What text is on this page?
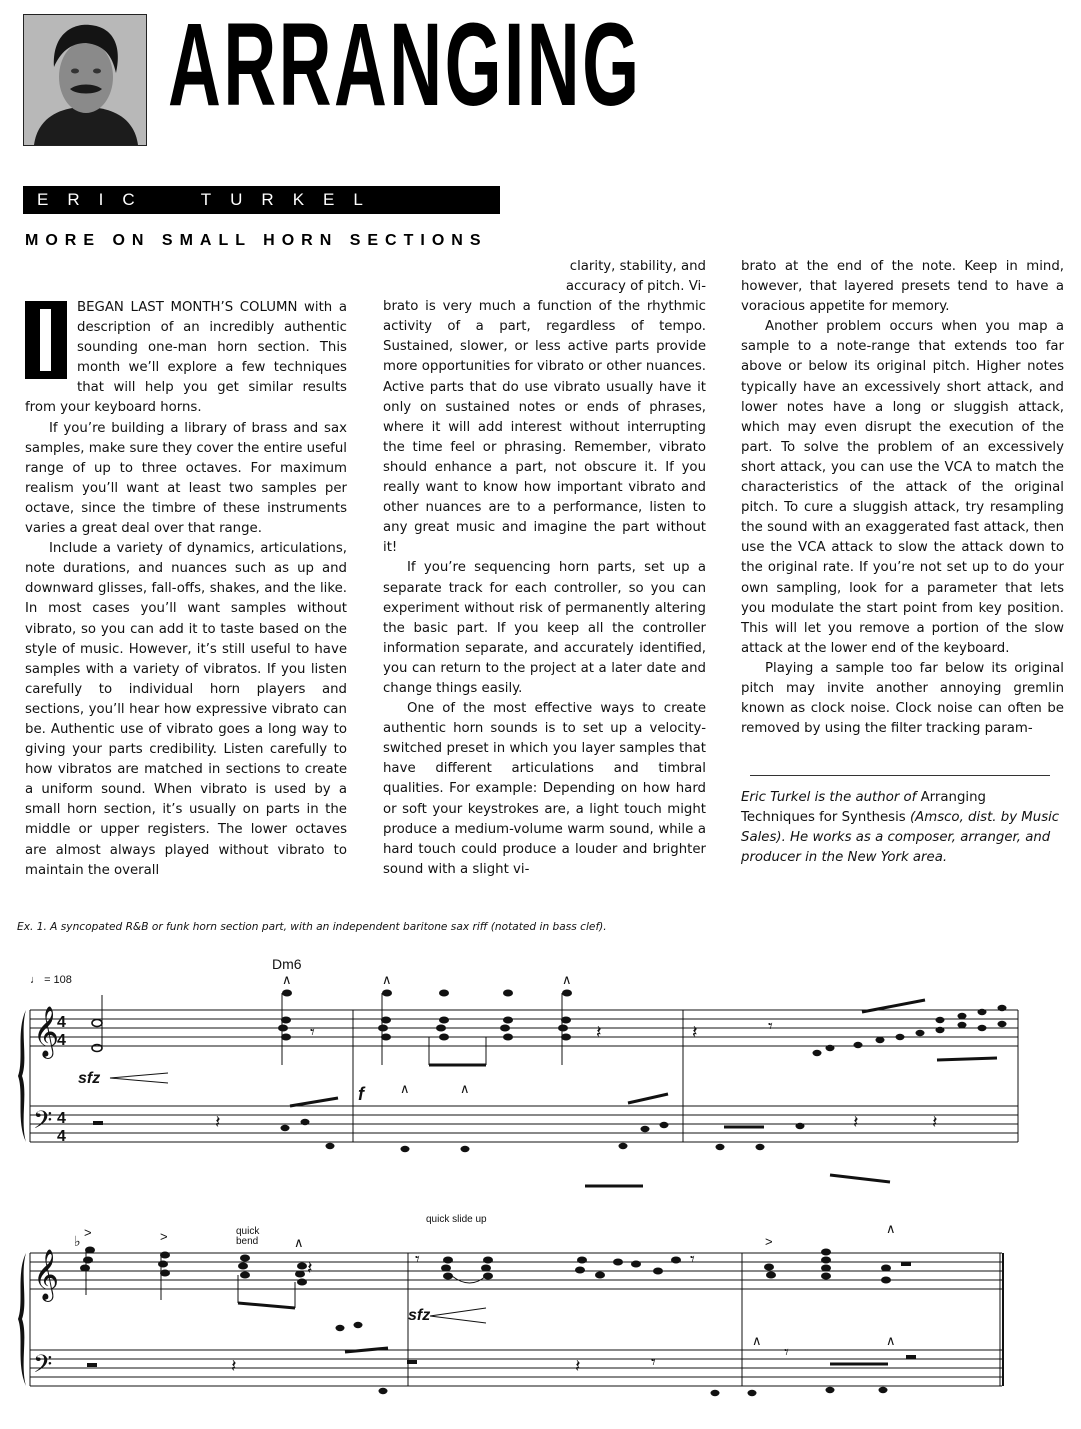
ARRANGING
ERIC  TURKEL
MORE ON SMALL HORN SECTIONS

BEGAN LAST MONTH’S COLUMN with a description of an incredibly authentic sounding one-man horn section. This month we’ll explore a few techniques that will help you get similar results from your keyboard horns.

If you’re building a library of brass and sax samples, make sure they cover the entire useful range of up to three octaves. For maximum realism you’ll want at least two samples per octave, since the timbre of these instruments varies a great deal over that range.

Include a variety of dynamics, articulations, note durations, and nuances such as up and downward glisses, fall-offs, shakes, and the like. In most cases you’ll want samples without vibrato, so you can add it to taste based on the style of music. However, it’s still useful to have samples with a variety of vibratos. If you listen carefully to individual horn players and sections, you’ll hear how expressive vibrato can be. Authentic use of vibrato goes a long way to giving your parts credibility. Listen carefully to how vibratos are matched in sections to create a uniform sound. When vibrato is used by a small horn section, it’s usually on parts in the middle or upper registers. The lower octaves are almost always played without vibrato to maintain the overall

clarity, stability, and

accuracy of pitch. Vi-

brato is very much a function of the rhythmic activity of a part, regardless of tempo. Sustained, slower, or less active parts provide more opportunities for vibrato or other nuances. Active parts that do use vibrato usually have it only on sustained notes or ends of phrases, where it will add interest without interrupting the time feel or phrasing. Remember, vibrato should enhance a part, not obscure it. If you really want to know how important vibrato and other nuances are to a performance, listen to any great music and imagine the part without it!

If you’re sequencing horn parts, set up a separate track for each controller, so you can experiment without risk of permanently altering the basic part. If you keep all the controller information separate, and accurately identified, you can return to the project at a later date and change things easily.

One of the most effective ways to create authentic horn sounds is to set up a velocity-switched preset in which you layer samples that have different articulations and timbral qualities. For example: Depending on how hard or soft your keystrokes are, a light touch might produce a medium-volume warm sound, while a hard touch could produce a louder and brighter sound with a slight vi-

brato at the end of the note. Keep in mind, however, that layered presets tend to have a voracious appetite for memory.

Another problem occurs when you map a sample to a note-range that extends too far above or below its original pitch. Higher notes typically have an excessively short attack, and lower notes have a long or sluggish attack, which may even disrupt the execution of the part. To solve the problem of an excessively short attack, you can use the VCA to match the characteristics of the attack of the original pitch. To cure a sluggish attack, try resampling the sound with an exaggerated fast attack, then use the VCA attack to slow the attack down to the original rate. If you’re not set up to do your own sampling, look for a parameter that lets you modulate the start point from key position. This will let you remove a portion of the slow attack at the lower end of the keyboard.

Playing a sample too far below its original pitch may invite another annoying gremlin known as clock noise. Clock noise can often be removed by using the filter tracking param-

Eric Turkel is the author of Arranging Techniques for Synthesis (Amsco, dist. by Music Sales). He works as a composer, arranger, and producer in the New York area.
Ex. 1. A syncopated R&B or funk horn section part, with an independent baritone sax riff (notated in bass clef).
𝄞
𝄢
𝄞
𝄢
4
4
4
4
♩ = 108
Dm6
sfz
f
quick
bend
quick slide up
sfz
𝄾	𝄽	𝄽	𝄾
𝄽	𝄽	𝄽
♭
𝄽	𝄾	𝄾
𝄽	𝄽	𝄾	𝄾
∧	∧	∧
∧	∧
∧
∧
∧	∧
>	>	>
